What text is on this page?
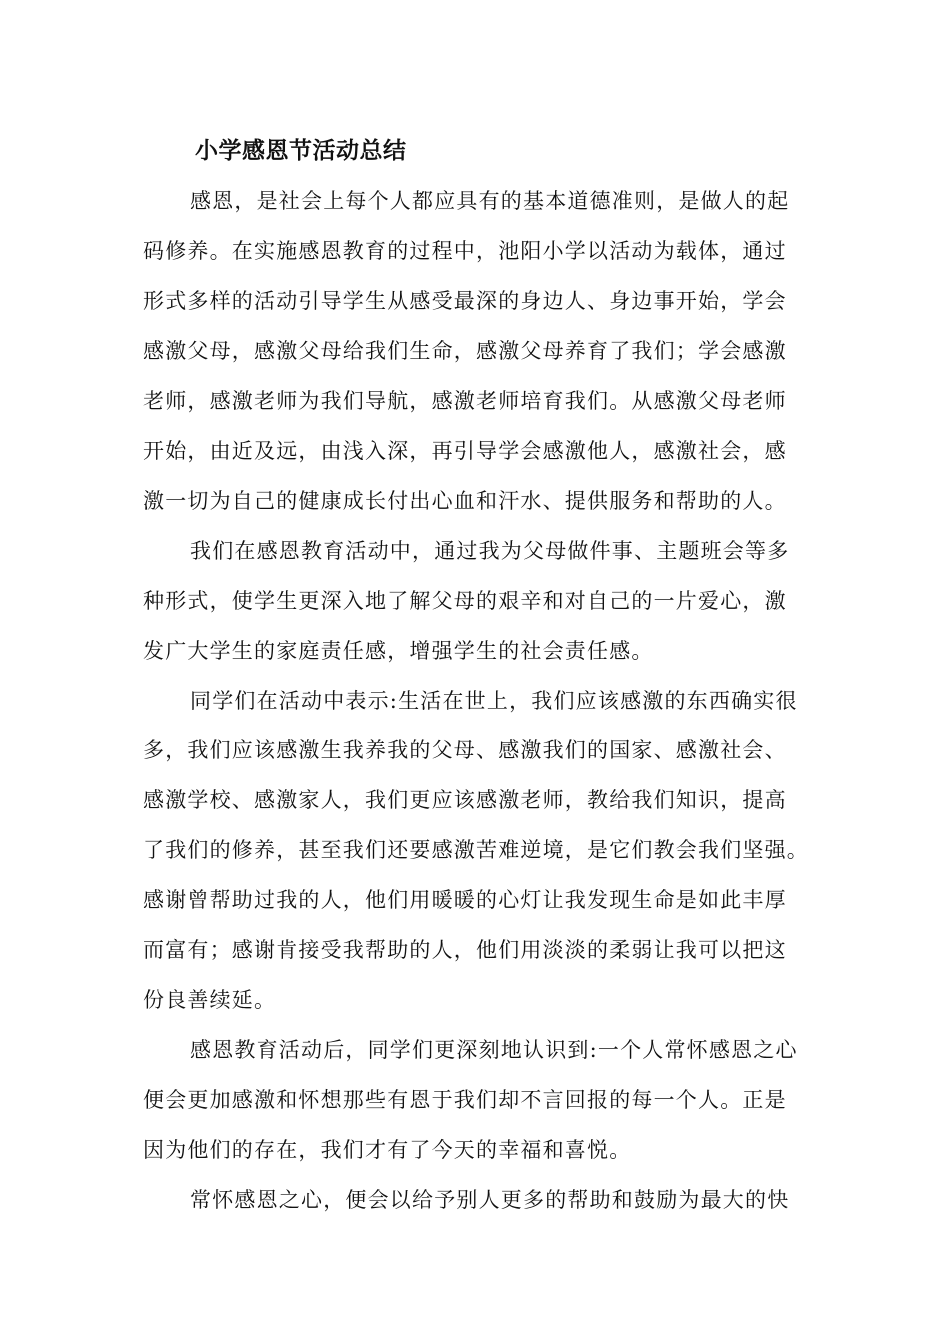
小学感恩节活动总结
感恩，是社会上每个人都应具有的基本道德准则，是做人的起
码修养。在实施感恩教育的过程中，池阳小学以活动为载体，通过
形式多样的活动引导学生从感受最深的身边人、身边事开始，学会
感激父母，感激父母给我们生命，感激父母养育了我们；学会感激
老师，感激老师为我们导航，感激老师培育我们。从感激父母老师
开始，由近及远，由浅入深，再引导学会感激他人，感激社会，感
激一切为自己的健康成长付出心血和汗水、提供服务和帮助的人。
我们在感恩教育活动中，通过我为父母做件事、主题班会等多
种形式，使学生更深入地了解父母的艰辛和对自己的一片爱心，激
发广大学生的家庭责任感，增强学生的社会责任感。
同学们在活动中表示:生活在世上，我们应该感激的东西确实很
多，我们应该感激生我养我的父母、感激我们的国家、感激社会、
感激学校、感激家人，我们更应该感激老师，教给我们知识，提高
了我们的修养，甚至我们还要感激苦难逆境，是它们教会我们坚强。
感谢曾帮助过我的人，他们用暖暖的心灯让我发现生命是如此丰厚
而富有；感谢肯接受我帮助的人，他们用淡淡的柔弱让我可以把这
份良善续延。
感恩教育活动后，同学们更深刻地认识到:一个人常怀感恩之心
便会更加感激和怀想那些有恩于我们却不言回报的每一个人。正是
因为他们的存在，我们才有了今天的幸福和喜悦。
常怀感恩之心，便会以给予别人更多的帮助和鼓励为最大的快
